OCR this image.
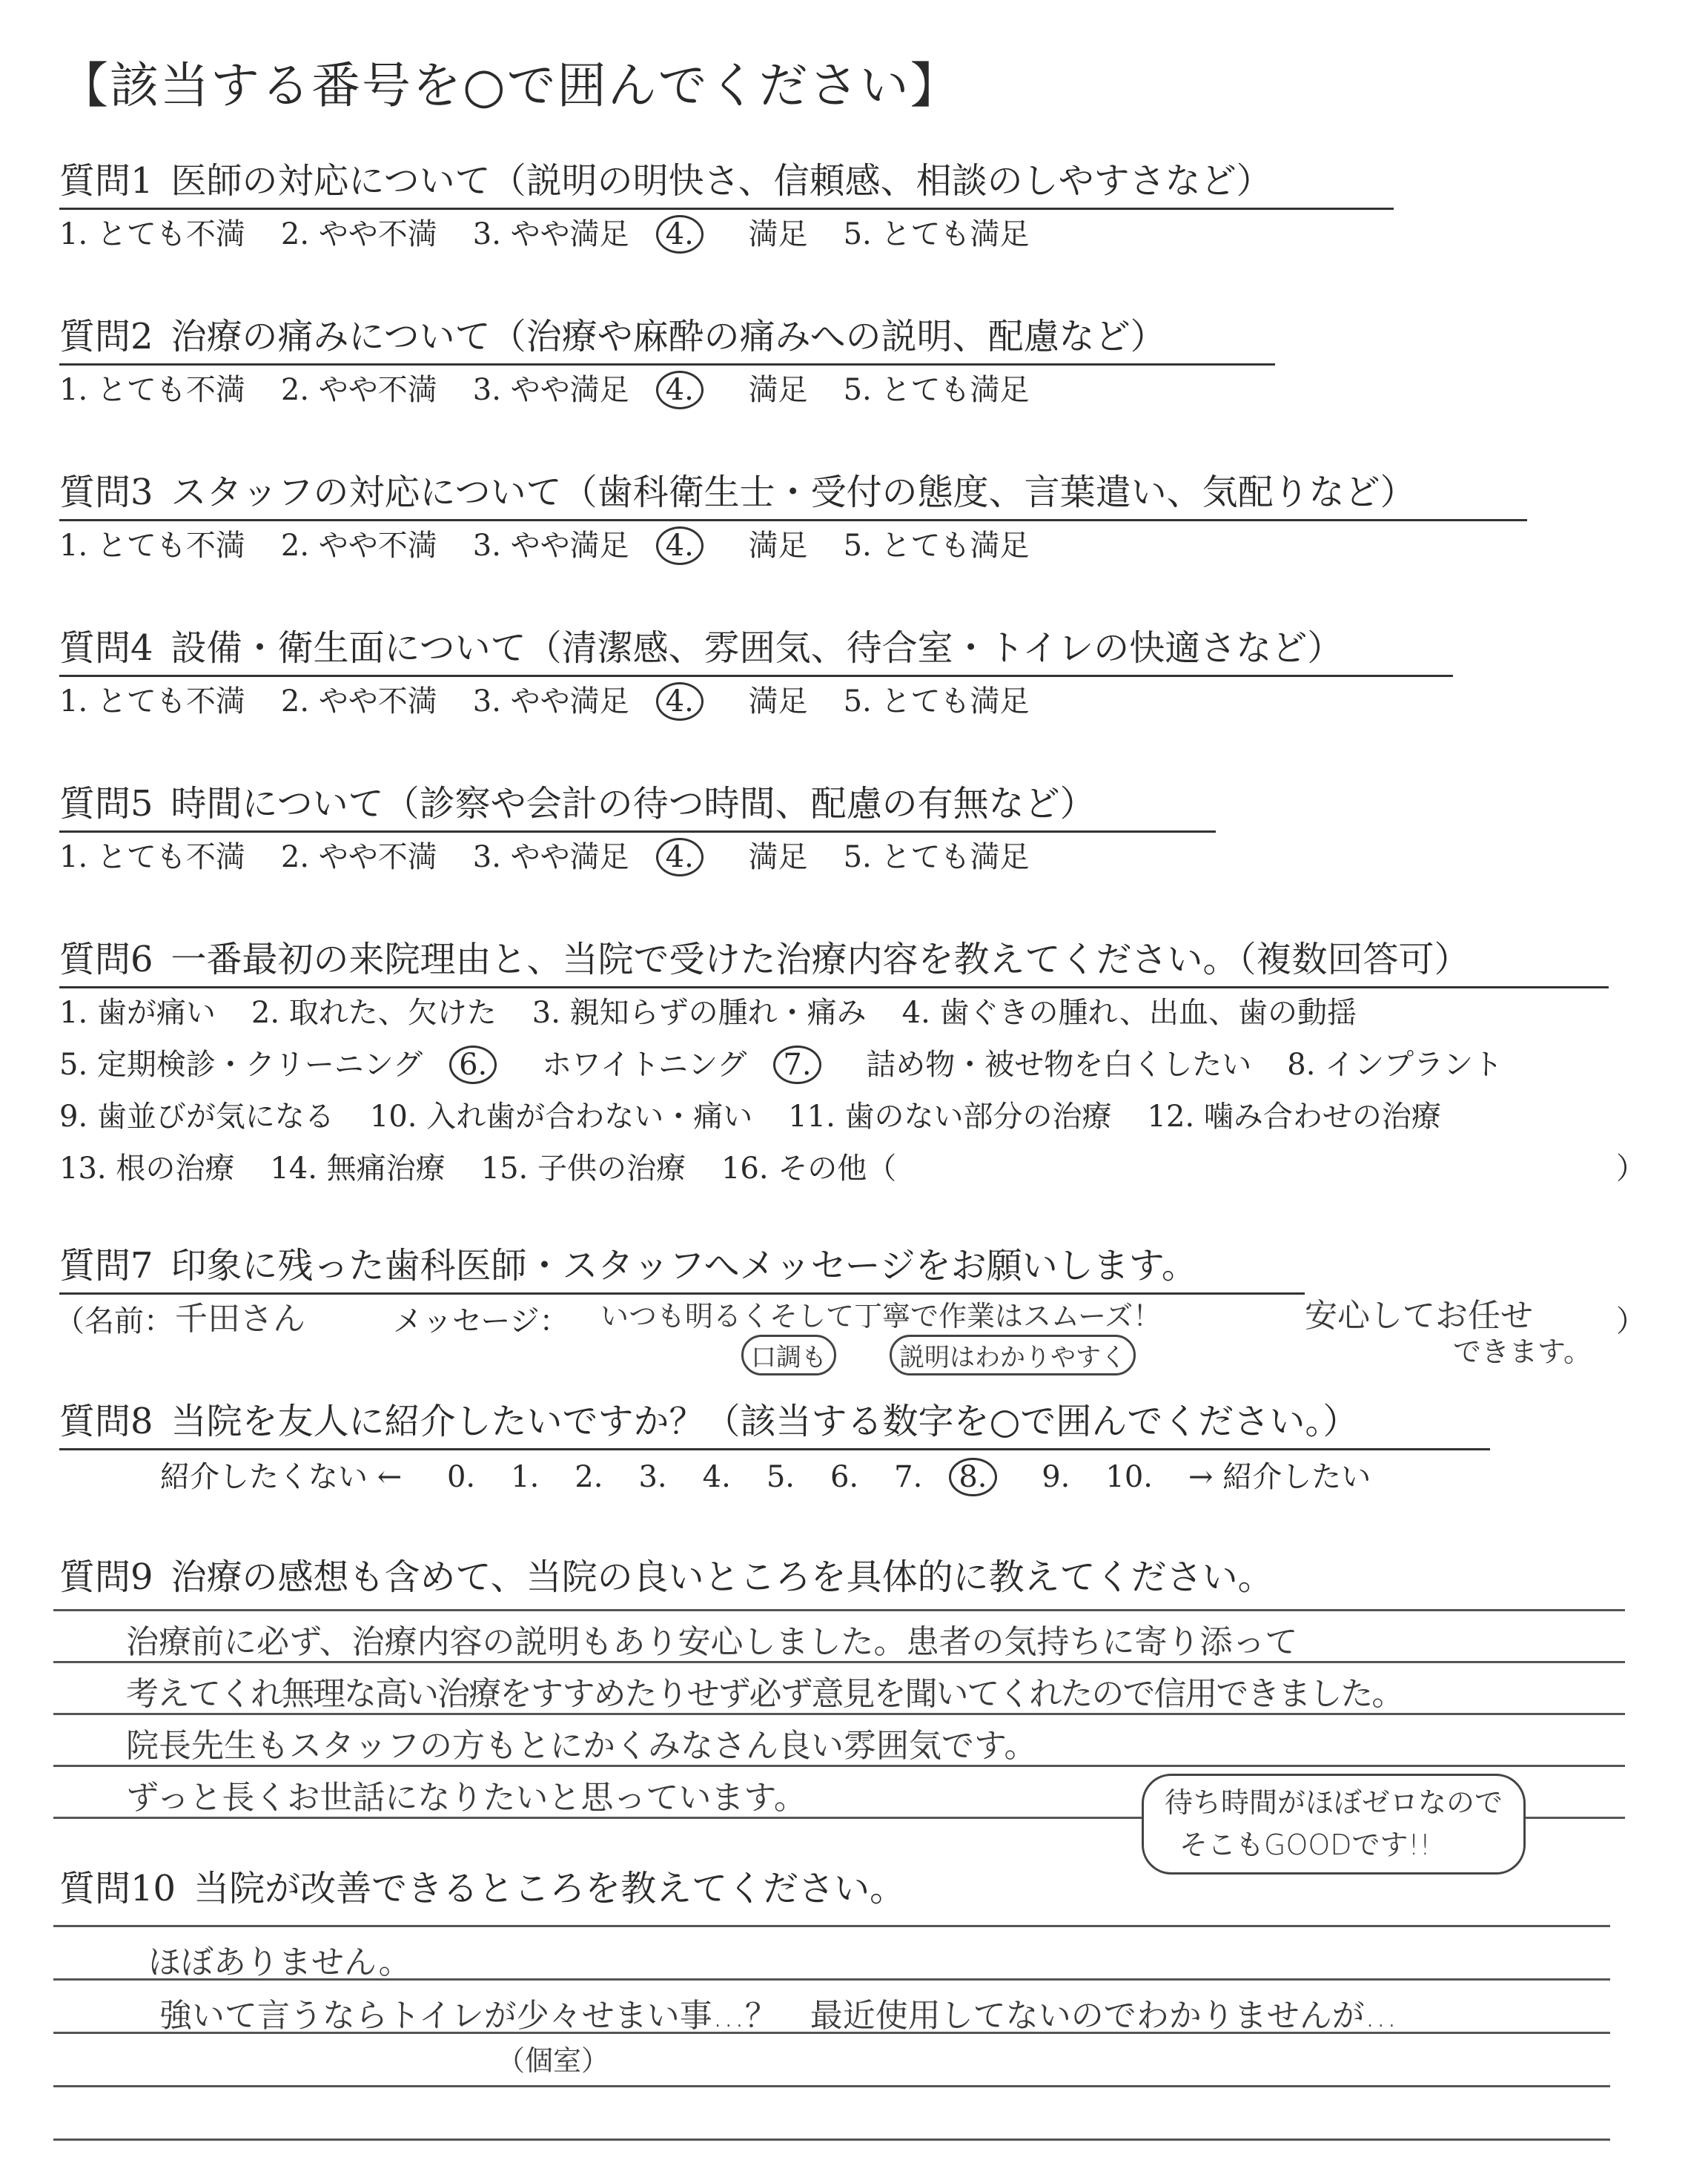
【該当する番号を○で囲んでください】
質問1 医師の対応について（説明の明快さ、信頼感、相談のしやすさなど）
1. とても不満 2. やや不満 3. やや満足 4. 満足 5. とても満足
質問2 治療の痛みについて（治療や麻酔の痛みへの説明、配慮など）
1. とても不満 2. やや不満 3. やや満足 4. 満足 5. とても満足
質問3 スタッフの対応について（歯科衛生士・受付の態度、言葉遣い、気配りなど）
1. とても不満 2. やや不満 3. やや満足 4. 満足 5. とても満足
質問4 設備・衛生面について（清潔感、雰囲気、待合室・トイレの快適さなど）
1. とても不満 2. やや不満 3. やや満足 4. 満足 5. とても満足
質問5 時間について（診察や会計の待つ時間、配慮の有無など）
1. とても不満 2. やや不満 3. やや満足 4. 満足 5. とても満足
質問6 一番最初の来院理由と、当院で受けた治療内容を教えてください。（複数回答可）
1. 歯が痛い 2. 取れた、欠けた 3. 親知らずの腫れ・痛み 4. 歯ぐきの腫れ、出血、歯の動揺
5. 定期検診・クリーニング 6. ホワイトニング 7. 詰め物・被せ物を白くしたい 8. インプラント
9. 歯並びが気になる 10. 入れ歯が合わない・痛い 11. 歯のない部分の治療 12. 噛み合わせの治療
13. 根の治療 14. 無痛治療 15. 子供の治療 16. その他（	）
質問7 印象に残った歯科医師・スタッフへメッセージをお願いします。
（名前： 千田さん	メッセージ： いつも明るくそして丁寧で作業はスムーズ！
口調も	説明はわかりやすく
安心してお任せ
できます。
）
質問8 当院を友人に紹介したいですか？（該当する数字を○で囲んでください。）
紹介したくない ← 0. 1. 2. 3. 4. 5. 6. 7. 8. 9. 10. → 紹介したい
質問9 治療の感想も含めて、当院の良いところを具体的に教えてください。
治療前に必ず、治療内容の説明もあり安心しました。患者の気持ちに寄り添って
考えてくれ無理な高い治療をすすめたりせず必ず意見を聞いてくれたので信用できました。
院長先生もスタッフの方もとにかくみなさん良い雰囲気です。
ずっと長くお世話になりたいと思っています。	待ち時間がほぼゼロなので
そこもGOODです!!
質問10 当院が改善できるところを教えてください。
ほぼありません。
強いて言うならトイレが少々せまい事…？　最近使用してないのでわかりませんが…
（個室）
